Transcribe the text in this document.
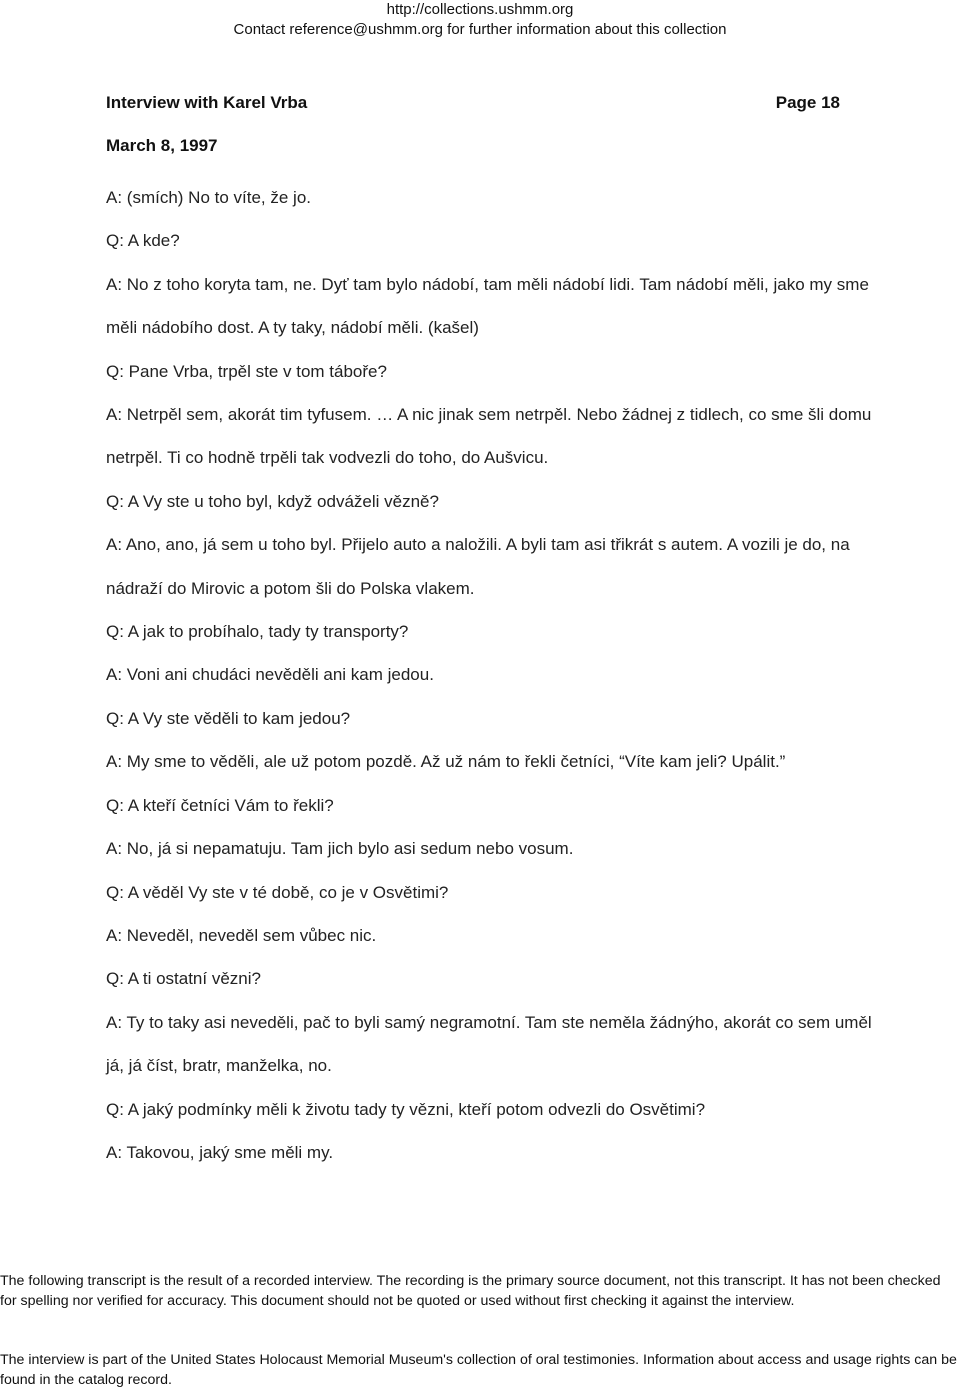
http://collections.ushmm.org
Contact reference@ushmm.org for further information about this collection
Interview with Karel Vrba	Page 18
March 8, 1997

A: (smích) No to víte, že jo.

Q: A kde?

A: No z toho koryta tam, ne. Dyť tam bylo nádobí, tam měli nádobí lidi. Tam nádobí měli, jako my sme měli nádobího dost. A ty taky, nádobí měli. (kašel)

Q: Pane Vrba, trpěl ste v tom táboře?

A: Netrpěl sem, akorát tim tyfusem. … A nic jinak sem netrpěl. Nebo žádnej z tidlech, co sme šli domu netrpěl. Ti co hodně trpěli tak vodvezli do toho, do Aušvicu.

Q: A Vy ste u toho byl, když odváželi vězně?

A: Ano, ano, já sem u toho byl. Přijelo auto a naložili. A byli tam asi třikrát s autem. A vozili je do, na nádraží do Mirovic a potom šli do Polska vlakem.

Q: A jak to probíhalo, tady ty transporty?

A: Voni ani chudáci nevěděli ani kam jedou.

Q: A Vy ste věděli to kam jedou?

A: My sme to věděli, ale už potom pozdě. Až už nám to řekli četníci, “Víte kam jeli? Upálit.”

Q: A kteří četníci Vám to řekli?

A: No, já si nepamatuju. Tam jich bylo asi sedum nebo vosum.

Q: A věděl Vy ste v té době, co je v Osvětimi?

A: Neveděl, neveděl sem vůbec nic.

Q: A ti ostatní vězni?

A: Ty to taky asi neveděli, pač to byli samý negramotní. Tam ste neměla žádnýho, akorát co sem uměl já, já číst, bratr, manželka, no.

Q: A jaký podmínky měli k životu tady ty vězni, kteří potom odvezli do Osvětimi?

A: Takovou, jaký sme měli my.

The following transcript is the result of a recorded interview. The recording is the primary source document, not this transcript. It has not been checked for spelling nor verified for accuracy. This document should not be quoted or used without first checking it against the interview.
The interview is part of the United States Holocaust Memorial Museum's collection of oral testimonies. Information about access and usage rights can be found in the catalog record.
